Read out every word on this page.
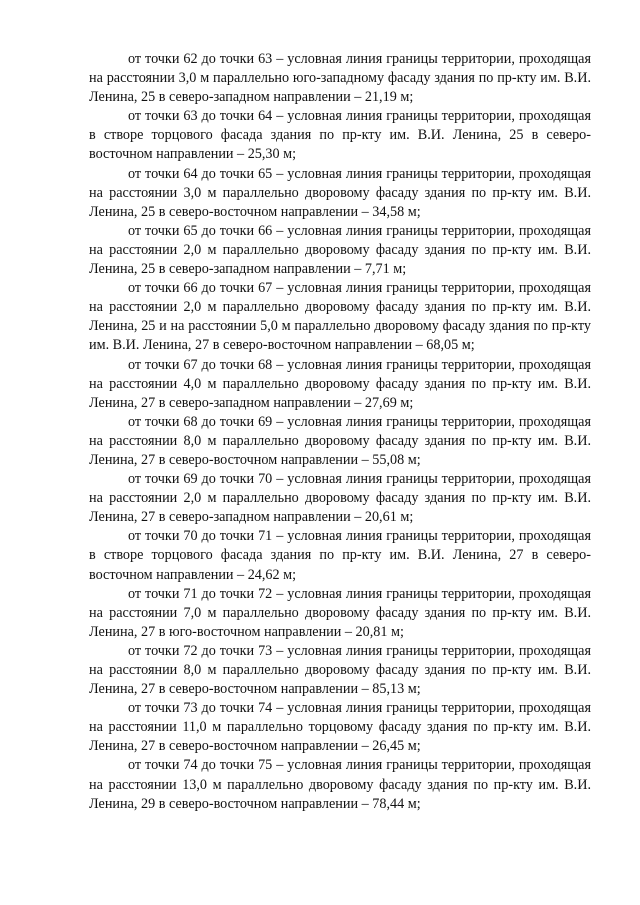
от точки 62 до точки 63 – условная линия границы территории, проходящая на расстоянии 3,0 м параллельно юго-западному фасаду здания по пр-кту им. В.И. Ленина, 25 в северо-западном направлении – 21,19 м;

от точки 63 до точки 64 – условная линия границы территории, проходящая в створе торцового фасада здания по пр-кту им. В.И. Ленина, 25 в северо-восточном направлении – 25,30 м;

от точки 64 до точки 65 – условная линия границы территории, проходящая на расстоянии 3,0 м параллельно дворовому фасаду здания по пр-кту им. В.И. Ленина, 25 в северо-восточном направлении – 34,58 м;

от точки 65 до точки 66 – условная линия границы территории, проходящая на расстоянии 2,0 м параллельно дворовому фасаду здания по пр-кту им. В.И. Ленина, 25 в северо-западном направлении – 7,71 м;

от точки 66 до точки 67 – условная линия границы территории, проходящая на расстоянии 2,0 м параллельно дворовому фасаду здания по пр-кту им. В.И. Ленина, 25 и на расстоянии 5,0 м параллельно дворовому фасаду здания по пр-кту им. В.И. Ленина, 27 в северо-восточном направлении – 68,05 м;

от точки 67 до точки 68 – условная линия границы территории, проходящая на расстоянии 4,0 м параллельно дворовому фасаду здания по пр-кту им. В.И. Ленина, 27 в северо-западном направлении – 27,69 м;

от точки 68 до точки 69 – условная линия границы территории, проходящая на расстоянии 8,0 м параллельно дворовому фасаду здания по пр-кту им. В.И. Ленина, 27 в северо-восточном направлении – 55,08 м;

от точки 69 до точки 70 – условная линия границы территории, проходящая на расстоянии 2,0 м параллельно дворовому фасаду здания по пр-кту им. В.И. Ленина, 27 в северо-западном направлении – 20,61 м;

от точки 70 до точки 71 – условная линия границы территории, проходящая в створе торцового фасада здания по пр-кту им. В.И. Ленина, 27 в северо-восточном направлении – 24,62 м;

от точки 71 до точки 72 – условная линия границы территории, проходящая на расстоянии 7,0 м параллельно дворовому фасаду здания по пр-кту им. В.И. Ленина, 27 в юго-восточном направлении – 20,81 м;

от точки 72 до точки 73 – условная линия границы территории, проходящая на расстоянии 8,0 м параллельно дворовому фасаду здания по пр-кту им. В.И. Ленина, 27 в северо-восточном направлении – 85,13 м;

от точки 73 до точки 74 – условная линия границы территории, проходящая на расстоянии 11,0 м параллельно торцовому фасаду здания по пр-кту им. В.И. Ленина, 27 в северо-восточном направлении – 26,45 м;

от точки 74 до точки 75 – условная линия границы территории, проходящая на расстоянии 13,0 м параллельно дворовому фасаду здания по пр-кту им. В.И. Ленина, 29 в северо-восточном направлении – 78,44 м;
